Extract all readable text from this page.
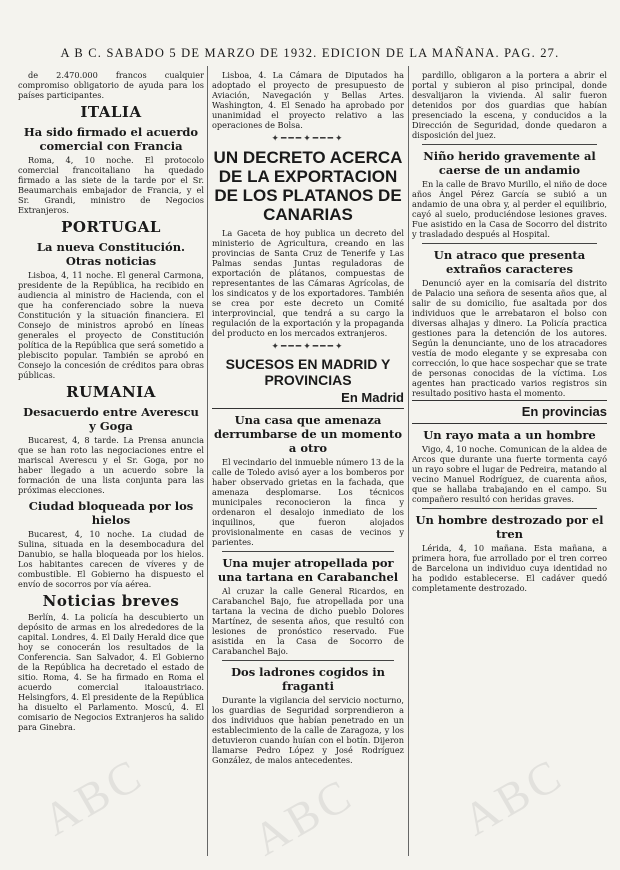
A B C. SABADO 5 DE MARZO DE 1932. EDICION DE LA MAÑANA. PAG. 27.

de 2.470.000 francos cualquier compromiso obligatorio de ayuda para los países participantes.

ITALIA
Ha sido firmado el acuerdo comercial con Francia

Roma, 4, 10 noche. El protocolo comercial francoitaliano ha quedado firmado a las siete de la tarde por el Sr. Beaumarchais embajador de Francia, y el Sr. Grandi, ministro de Negocios Extranjeros.

PORTUGAL
La nueva Constitución. Otras noticias

Lisboa, 4, 11 noche. El general Carmona, presidente de la República, ha recibido en audiencia al ministro de Hacienda, con el que ha conferenciado sobre la nueva Constitución y la situación financiera. El Consejo de ministros aprobó en líneas generales el proyecto de Constitución política de la República que será sometido a plebiscito popular. También se aprobó en Consejo la concesión de créditos para obras públicas.

RUMANIA
Desacuerdo entre Averescu y Goga

Bucarest, 4, 8 tarde. La Prensa anuncia que se han roto las negociaciones entre el mariscal Averescu y el Sr. Goga, por no haber llegado a un acuerdo sobre la formación de una lista conjunta para las próximas elecciones.

Ciudad bloqueada por los hielos

Bucarest, 4, 10 noche. La ciudad de Sulina, situada en la desembocadura del Danubio, se halla bloqueada por los hielos. Los habitantes carecen de víveres y de combustible. El Gobierno ha dispuesto el envío de socorros por vía aérea.

Noticias breves

Berlín, 4. La policía ha descubierto un depósito de armas en los alrededores de la capital. Londres, 4. El Daily Herald dice que hoy se conocerán los resultados de la Conferencia. San Salvador, 4. El Gobierno de la República ha decretado el estado de sitio. Roma, 4. Se ha firmado en Roma el acuerdo comercial italoaustriaco. Helsingfors, 4. El presidente de la República ha disuelto el Parlamento. Moscú, 4. El comisario de Negocios Extranjeros ha salido para Ginebra.

Lisboa, 4. La Cámara de Diputados ha adoptado el proyecto de presupuesto de Aviación, Navegación y Bellas Artes. Washington, 4. El Senado ha aprobado por unanimidad el proyecto relativo a las operaciones de Bolsa.

✦━━━✦━━━✦
UN DECRETO ACERCA DE LA EXPORTACION DE LOS PLATANOS DE CANARIAS

La Gaceta de hoy publica un decreto del ministerio de Agricultura, creando en las provincias de Santa Cruz de Tenerife y Las Palmas sendas Juntas reguladoras de exportación de plátanos, compuestas de representantes de las Cámaras Agrícolas, de los sindicatos y de los exportadores. También se crea por este decreto un Comité interprovincial, que tendrá a su cargo la regulación de la exportación y la propaganda del producto en los mercados extranjeros.

✦━━━✦━━━✦
SUCESOS EN MADRID Y PROVINCIAS
En Madrid
Una casa que amenaza derrumbarse de un momento a otro

El vecindario del inmueble número 13 de la calle de Toledo avisó ayer a los bomberos por haber observado grietas en la fachada, que amenaza desplomarse. Los técnicos municipales reconocieron la finca y ordenaron el desalojo inmediato de los inquilinos, que fueron alojados provisionalmente en casas de vecinos y parientes.

Una mujer atropellada por una tartana en Carabanchel

Al cruzar la calle General Ricardos, en Carabanchel Bajo, fue atropellada por una tartana la vecina de dicho pueblo Dolores Martínez, de sesenta años, que resultó con lesiones de pronóstico reservado. Fue asistida en la Casa de Socorro de Carabanchel Bajo.

Dos ladrones cogidos in fraganti

Durante la vigilancia del servicio nocturno, los guardias de Seguridad sorprendieron a dos individuos que habían penetrado en un establecimiento de la calle de Zaragoza, y los detuvieron cuando huían con el botín. Dijeron llamarse Pedro López y José Rodríguez González, de malos antecedentes.

pardillo, obligaron a la portera a abrir el portal y subieron al piso principal, donde desvalijaron la vivienda. Al salir fueron detenidos por dos guardias que habían presenciado la escena, y conducidos a la Dirección de Seguridad, donde quedaron a disposición del juez.

Niño herido gravemente al caerse de un andamio

En la calle de Bravo Murillo, el niño de doce años Ángel Pérez García se subió a un andamio de una obra y, al perder el equilibrio, cayó al suelo, produciéndose lesiones graves. Fue asistido en la Casa de Socorro del distrito y trasladado después al Hospital.

Un atraco que presenta extraños caracteres

Denunció ayer en la comisaría del distrito de Palacio una señora de sesenta años que, al salir de su domicilio, fue asaltada por dos individuos que le arrebataron el bolso con diversas alhajas y dinero. La Policía practica gestiones para la detención de los autores. Según la denunciante, uno de los atracadores vestía de modo elegante y se expresaba con corrección, lo que hace sospechar que se trate de personas conocidas de la víctima. Los agentes han practicado varios registros sin resultado positivo hasta el momento.

En provincias
Un rayo mata a un hombre

Vigo, 4, 10 noche. Comunican de la aldea de Arcos que durante una fuerte tormenta cayó un rayo sobre el lugar de Pedreira, matando al vecino Manuel Rodríguez, de cuarenta años, que se hallaba trabajando en el campo. Su compañero resultó con heridas graves.

Un hombre destrozado por el tren

Lérida, 4, 10 mañana. Esta mañana, a primera hora, fue arrollado por el tren correo de Barcelona un individuo cuya identidad no ha podido establecerse. El cadáver quedó completamente destrozado.

ABC ABC ABC
